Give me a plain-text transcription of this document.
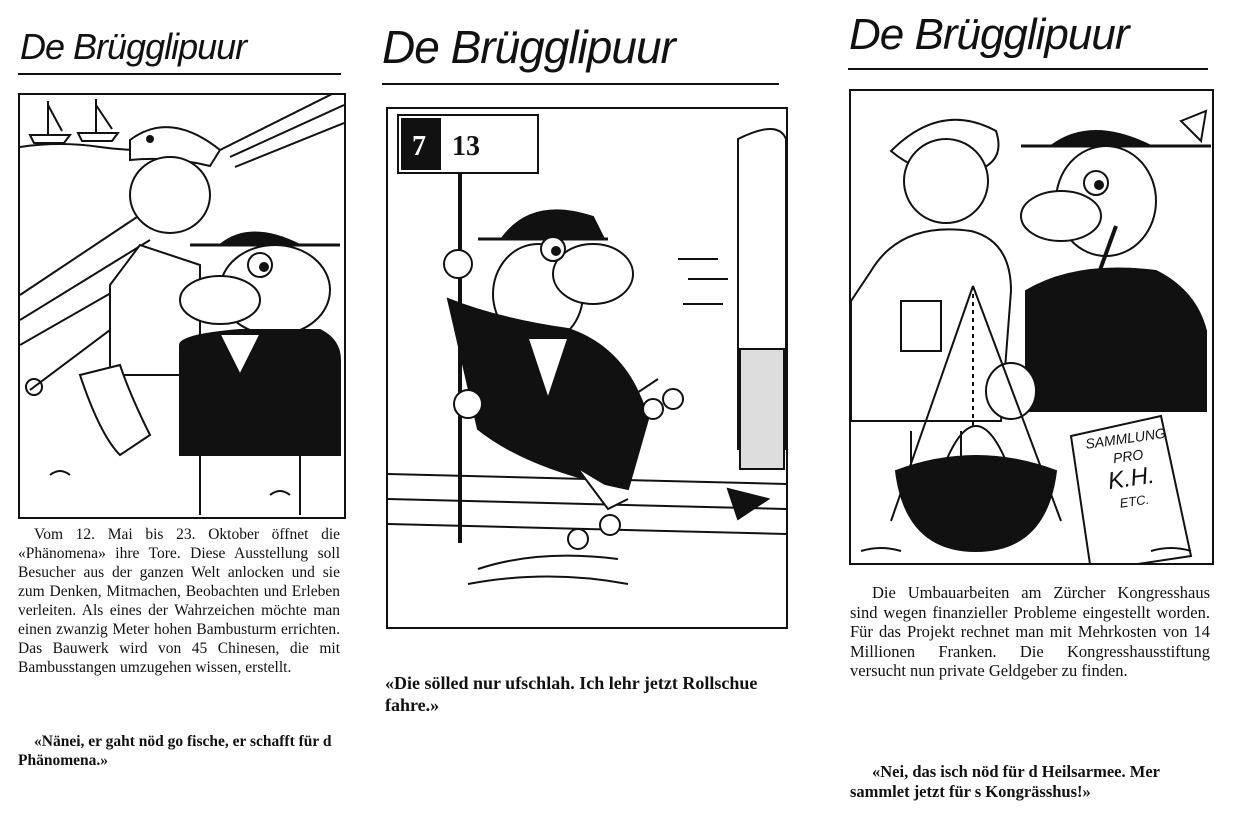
De Brügglipuur

Vom 12. Mai bis 23. Oktober öffnet die «Phänomena» ihre Tore. Diese Ausstellung soll Besucher aus der ganzen Welt anlocken und sie zum Denken, Mitmachen, Beobachten und Erleben verleiten. Als eines der Wahrzeichen möchte man einen zwanzig Meter hohen Bambusturm errichten. Das Bauwerk wird von 45 Chinesen, die mit Bambusstangen umzugehen wissen, erstellt.

«Nänei, er gaht nöd go fische, er schafft für d Phänomena.»

De Brügglipuur
7 13

«Die sölled nur ufschlah. Ich lehr jetzt Rollschue fahre.»

De Brügglipuur
SAMMLUNG
PRO
K.H.
ETC.

Die Umbauarbeiten am Zürcher Kongresshaus sind wegen finanzieller Probleme eingestellt worden. Für das Projekt rechnet man mit Mehrkosten von 14 Millionen Franken. Die Kongresshausstiftung versucht nun private Geldgeber zu finden.

«Nei, das isch nöd für d Heilsarmee. Mer sammlet jetzt für s Kongrässhus!»
